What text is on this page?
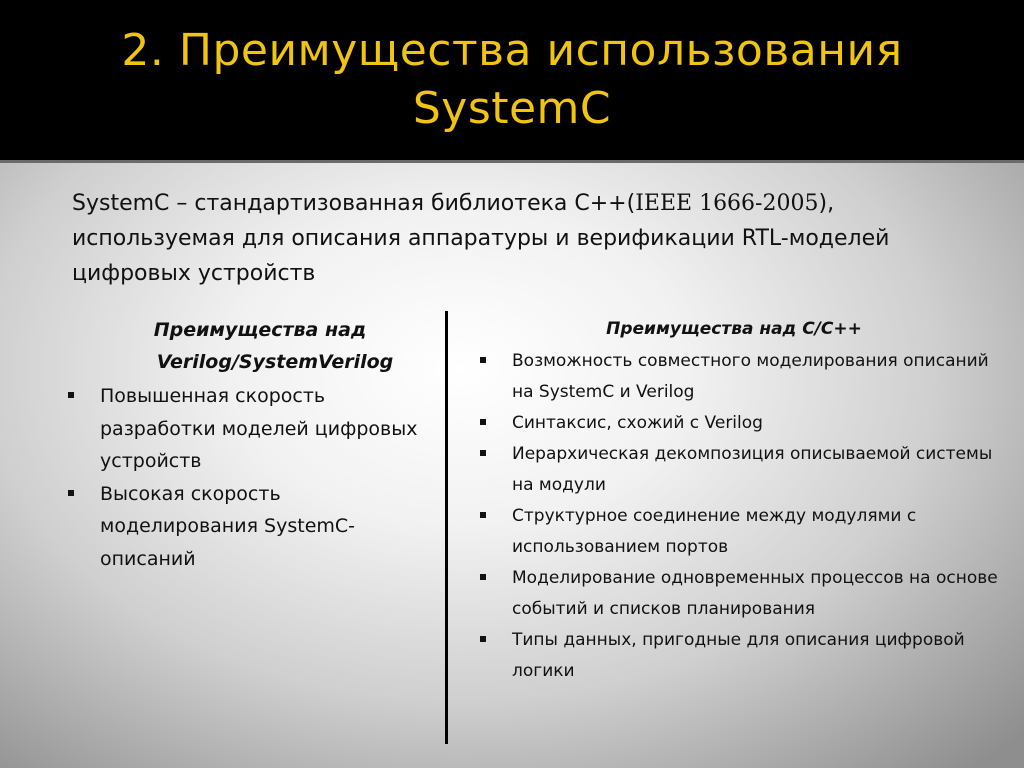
2. Преимущества использования
SystemC

SystemC – стандартизованная библиотека С++(IEEE 1666-2005), используемая для описания аппаратуры и верификации RTL-моделей цифровых устройств

Преимущества над
Verilog/SystemVerilog
Повышенная скорость разработки моделей цифровых устройств
Высокая скорость моделирования SystemC-описаний
Преимущества над С/С++
Возможность совместного моделирования описаний на SystemC и Verilog
Синтаксис, схожий с Verilog
Иерархическая декомпозиция описываемой системы на модули
Структурное соединение между модулями с использованием портов
Моделирование одновременных процессов на основе событий и списков планирования
Типы данных, пригодные для описания цифровой логики
